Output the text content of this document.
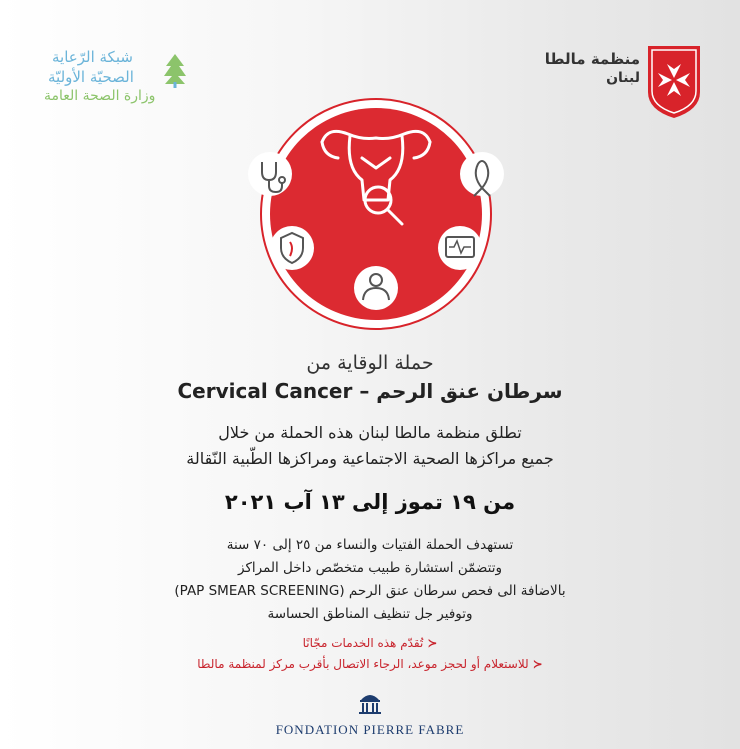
شبكة الرّعاية
الصحيّة الأوليّة
وزارة الصحة العامة
منظمة مالطا
لبنان
حملة الوقاية من
سرطان عنق الرحم – Cervical Cancer
تطلق منظمة مالطا لبنان هذه الحملة من خلال
جميع مراكزها الصحية الاجتماعية ومراكزها الطّبية النّقالة
من ١٩ تموز إلى ١٣ آب ٢٠٢١
تستهدف الحملة الفتيات والنساء من ٢٥ إلى ٧٠ سنة
وتتضمّن استشارة طبيب متخصّص داخل المراكز
بالاضافة الى فحص سرطان عنق الرحم (PAP SMEAR SCREENING)
وتوفير جل تنظيف المناطق الحساسة
≺تُقدّم هذه الخدمات مجّانًا
≺للاستعلام أو لحجز موعد، الرجاء الاتصال بأقرب مركز لمنظمة مالطا
FONDATION PIERRE FABRE
